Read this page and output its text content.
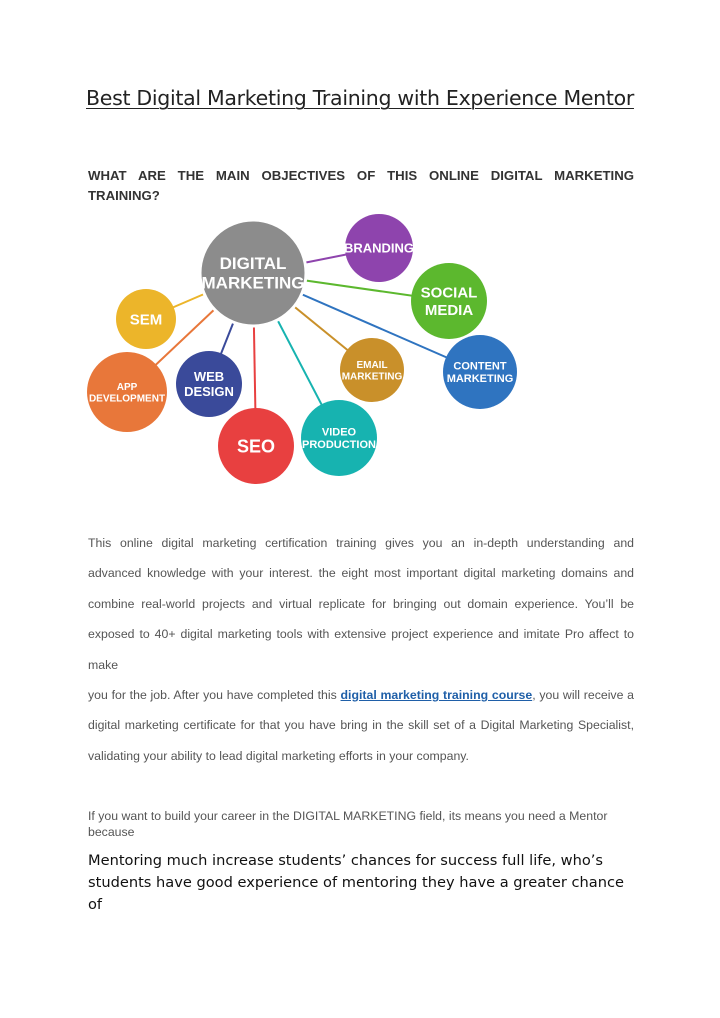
Best Digital Marketing Training with Experience Mentor
WHAT ARE THE MAIN OBJECTIVES OF THIS ONLINE DIGITAL MARKETING TRAINING?
DIGITAL
MARKETING
BRANDING
SOCIAL
MEDIA
CONTENT
MARKETING
EMAIL
MARKETING
VIDEO
PRODUCTION
SEO
WEB
DESIGN
APP
DEVELOPMENT
SEM
This online digital marketing certification training gives you an in-depth understanding and
advanced knowledge with your interest. the eight most important digital marketing domains and
combine real-world projects and virtual replicate for bringing out domain experience. You’ll be
exposed to 40+ digital marketing tools with extensive project experience and imitate Pro affect to
make
you for the job. After you have completed this digital marketing training course, you will receive a
digital marketing certificate for that you have bring in the skill set of a Digital Marketing Specialist,
validating your ability to lead digital marketing efforts in your company.
If you want to build your career in the DIGITAL MARKETING field, its means you need a Mentor because
Mentoring much increase students’ chances for success full life, who’s students have good experience of mentoring they have a greater chance of
